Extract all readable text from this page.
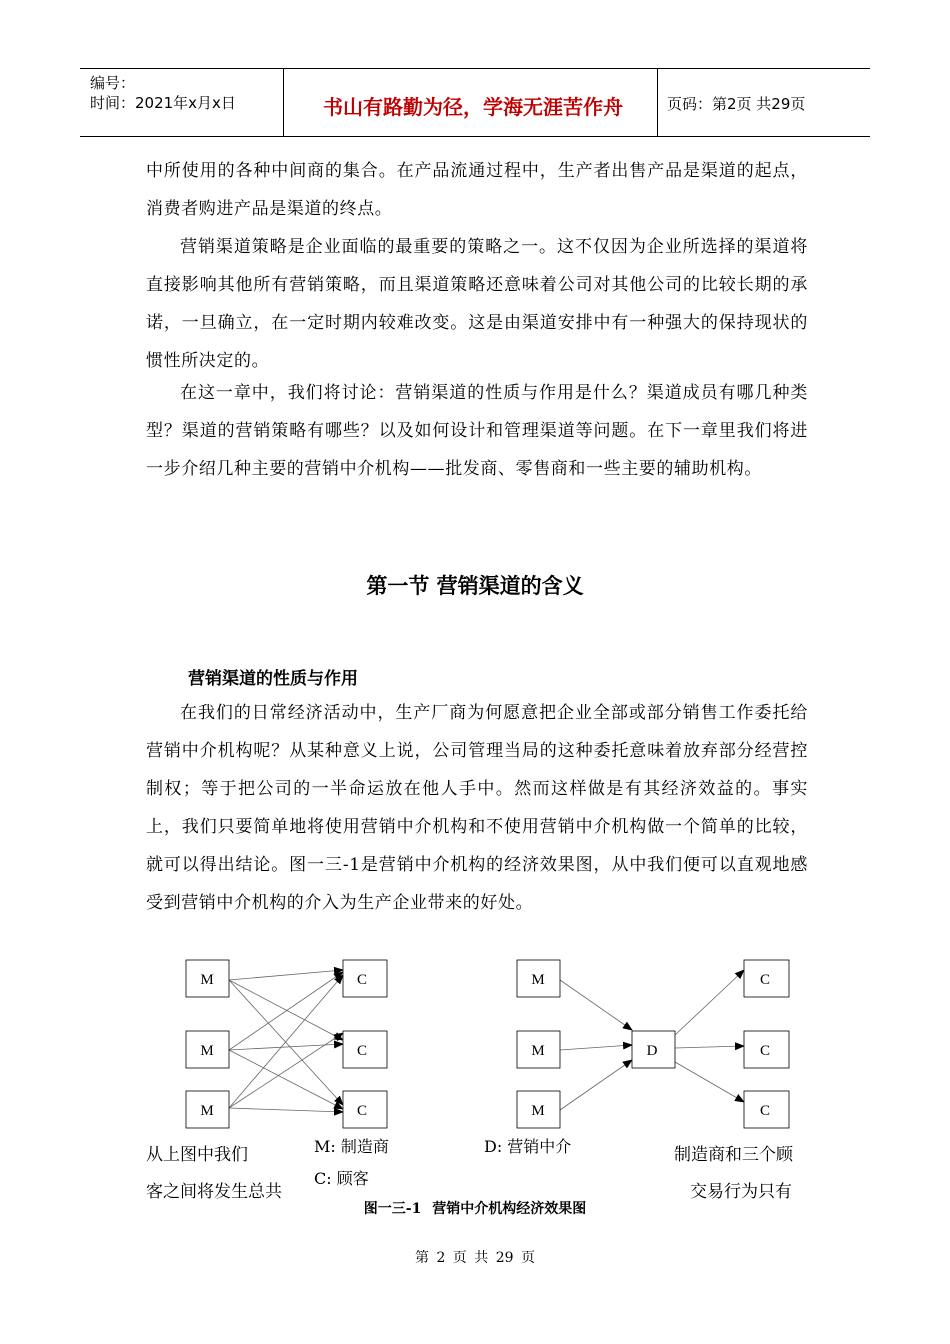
编号：
时间：2021年x月x日	书山有路勤为径，学海无涯苦作舟	页码：第2页 共29页

中所使用的各种中间商的集合。在产品流通过程中，生产者出售产品是渠道的起点，消费者购进产品是渠道的终点。

营销渠道策略是企业面临的最重要的策略之一。这不仅因为企业所选择的渠道将直接影响其他所有营销策略，而且渠道策略还意味着公司对其他公司的比较长期的承诺，一旦确立，在一定时期内较难改变。这是由渠道安排中有一种强大的保持现状的惯性所决定的。

在这一章中，我们将讨论：营销渠道的性质与作用是什么？渠道成员有哪几种类型？渠道的营销策略有哪些？以及如何设计和管理渠道等问题。在下一章里我们将进一步介绍几种主要的营销中介机构——批发商、零售商和一些主要的辅助机构。

第一节 营销渠道的含义
营销渠道的性质与作用

在我们的日常经济活动中，生产厂商为何愿意把企业全部或部分销售工作委托给营销中介机构呢？从某种意义上说，公司管理当局的这种委托意味着放弃部分经营控制权；等于把公司的一半命运放在他人手中。然而这样做是有其经济效益的。事实上，我们只要简单地将使用营销中介机构和不使用营销中介机构做一个简单的比较，就可以得出结论。图一三-1是营销中介机构的经济效果图，从中我们便可以直观地感受到营销中介机构的介入为生产企业带来的好处。

M
M
M
C
C
C
M
M
M
D
C
C
C
从上图中我们
客之间将发生总共
制造商和三个顾
交易行为只有
M: 制造商
C: 顾客
D: 营销中介
图一三-1 营销中介机构经济效果图
第 2 页 共 29 页
